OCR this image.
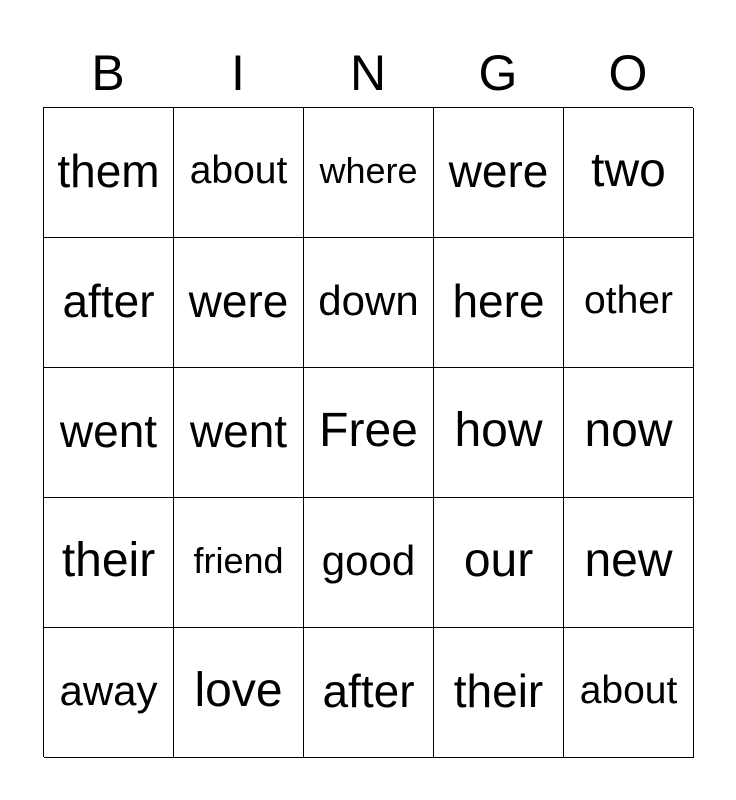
B	I	N	G	O
them about where were two
after were down here	other
went went Free how now
their	friend good	our	new
away love after their about
